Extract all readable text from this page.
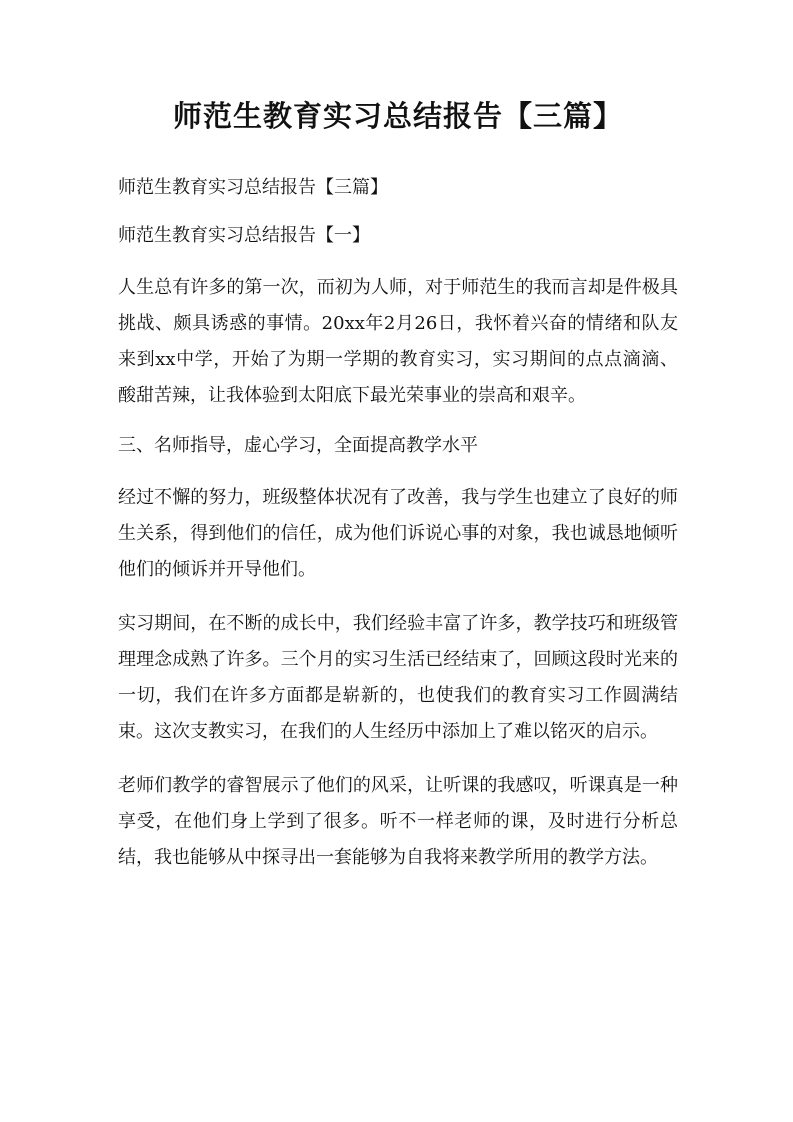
师范生教育实习总结报告【三篇】

师范生教育实习总结报告【三篇】

师范生教育实习总结报告【一】

人生总有许多的第一次，而初为人师，对于师范生的我而言却是件极具挑战、颇具诱惑的事情。20xx年2月26日，我怀着兴奋的情绪和队友来到xx中学，开始了为期一学期的教育实习，实习期间的点点滴滴、酸甜苦辣，让我体验到太阳底下最光荣事业的崇高和艰辛。

三、名师指导，虚心学习，全面提高教学水平

经过不懈的努力，班级整体状况有了改善，我与学生也建立了良好的师生关系，得到他们的信任，成为他们诉说心事的对象，我也诚恳地倾听他们的倾诉并开导他们。

实习期间，在不断的成长中，我们经验丰富了许多，教学技巧和班级管理理念成熟了许多。三个月的实习生活已经结束了，回顾这段时光来的一切，我们在许多方面都是崭新的，也使我们的教育实习工作圆满结束。这次支教实习，在我们的人生经历中添加上了难以铭灭的启示。

老师们教学的睿智展示了他们的风采，让听课的我感叹，听课真是一种享受，在他们身上学到了很多。听不一样老师的课，及时进行分析总结，我也能够从中探寻出一套能够为自我将来教学所用的教学方法。
